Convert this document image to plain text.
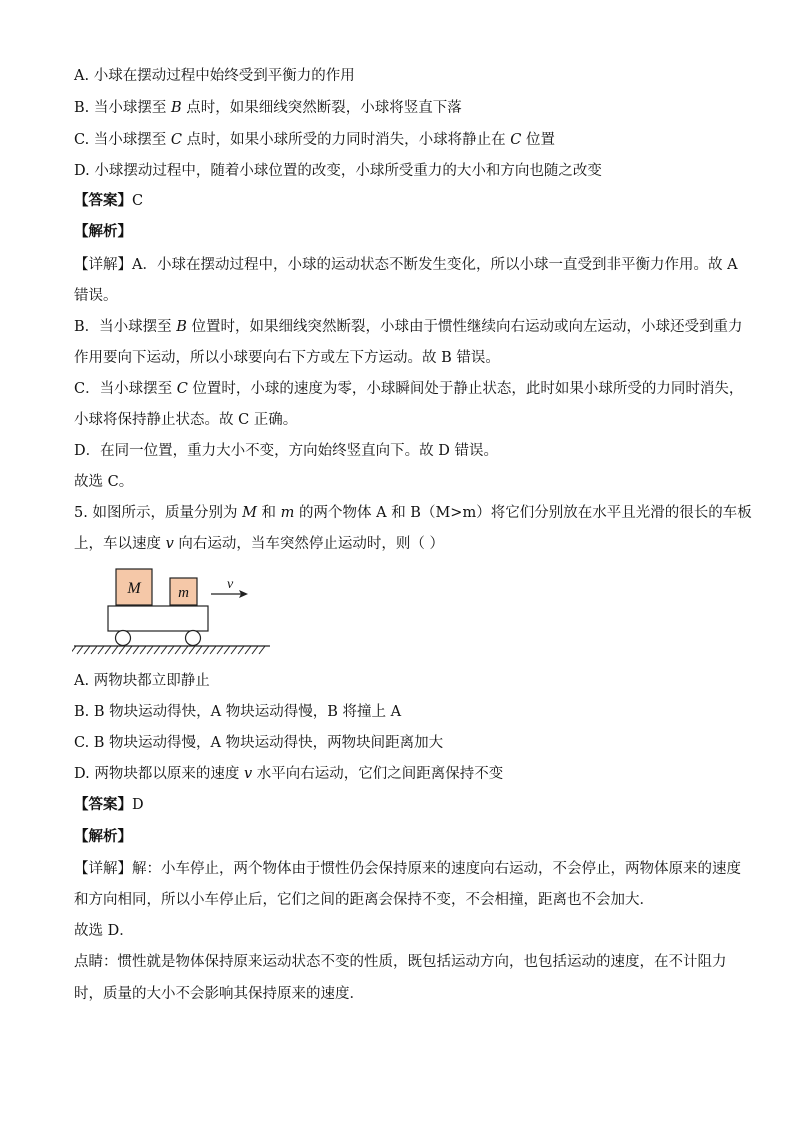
A. 小球在摆动过程中始终受到平衡力的作用
B. 当小球摆至 B 点时，如果细线突然断裂，小球将竖直下落
C. 当小球摆至 C 点时，如果小球所受的力同时消失，小球将静止在 C 位置
D. 小球摆动过程中，随着小球位置的改变，小球所受重力的大小和方向也随之改变
【答案】C
【解析】
【详解】A．小球在摆动过程中，小球的运动状态不断发生变化，所以小球一直受到非平衡力作用。故 A
错误。
B．当小球摆至 B 位置时，如果细线突然断裂，小球由于惯性继续向右运动或向左运动，小球还受到重力
作用要向下运动，所以小球要向右下方或左下方运动。故 B 错误。
C．当小球摆至 C 位置时，小球的速度为零，小球瞬间处于静止状态，此时如果小球所受的力同时消失，
小球将保持静止状态。故 C 正确。
D．在同一位置，重力大小不变，方向始终竖直向下。故 D 错误。
故选 C。
5. 如图所示，质量分别为 M 和 m 的两个物体 A 和 B（M>m）将它们分别放在水平且光滑的很长的车板
上，车以速度 v 向右运动，当车突然停止运动时，则（ ）
M m
v
A. 两物块都立即静止
B. B 物块运动得快，A 物块运动得慢，B 将撞上 A
C. B 物块运动得慢，A 物块运动得快，两物块间距离加大
D. 两物块都以原来的速度 v 水平向右运动，它们之间距离保持不变
【答案】D
【解析】
【详解】解：小车停止，两个物体由于惯性仍会保持原来的速度向右运动，不会停止，两物体原来的速度
和方向相同，所以小车停止后，它们之间的距离会保持不变，不会相撞，距离也不会加大．
故选 D．
点睛：惯性就是物体保持原来运动状态不变的性质，既包括运动方向，也包括运动的速度，在不计阻力
时，质量的大小不会影响其保持原来的速度．
